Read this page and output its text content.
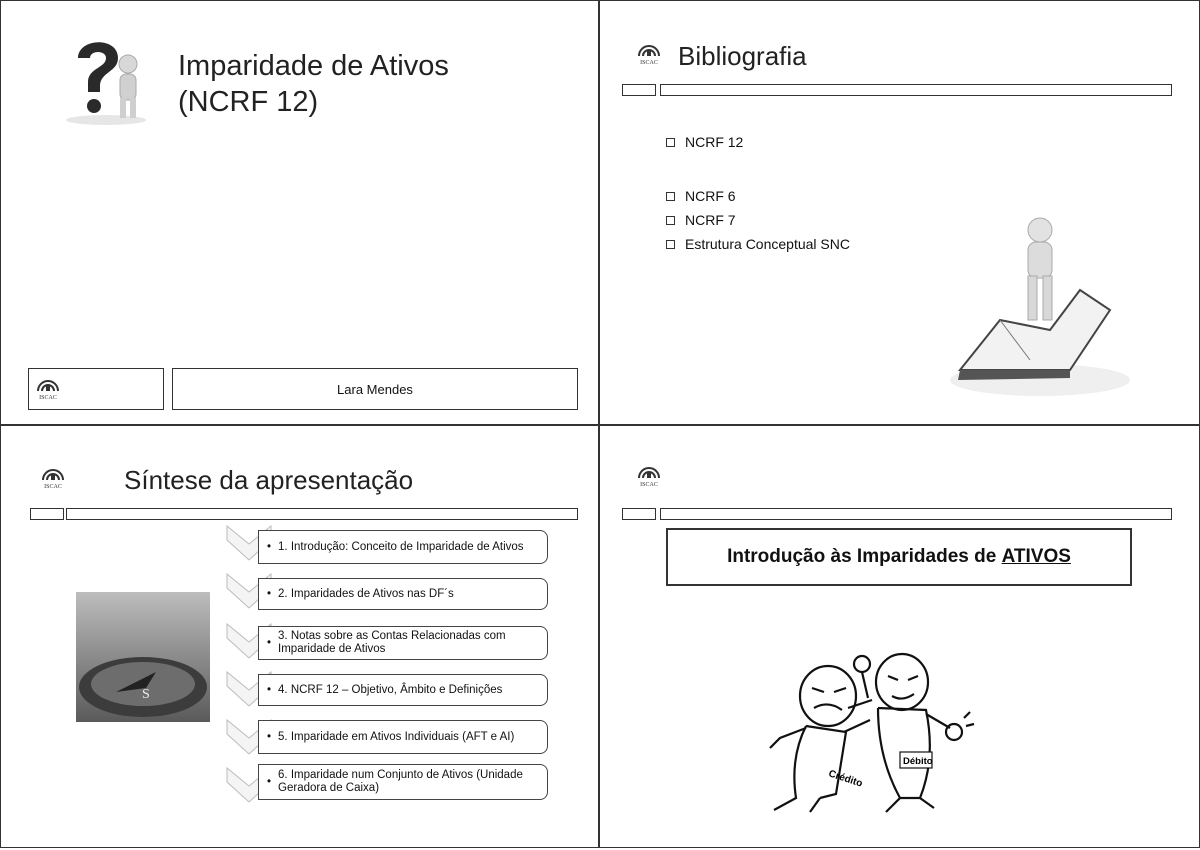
Imparidade de Ativos
(NCRF 12)
ISCAC
Lara Mendes
ISCAC Bibliografia
NCRF 12
NCRF 6
NCRF 7
Estrutura Conceptual SNC
ISCAC Síntese da apresentação
S
• 1. Introdução: Conceito de Imparidade de Ativos
• 2. Imparidades de Ativos nas DF´s
•
3. Notas sobre as Contas Relacionadas com Imparidade de Ativos
• 4. NCRF 12 – Objetivo, Âmbito e Definições
• 5. Imparidade em Ativos Individuais (AFT e AI)
•
6. Imparidade num Conjunto de Ativos (Unidade Geradora de Caixa)
ISCAC
Introdução às Imparidades de
ATIVOS
Crédito
Débito
